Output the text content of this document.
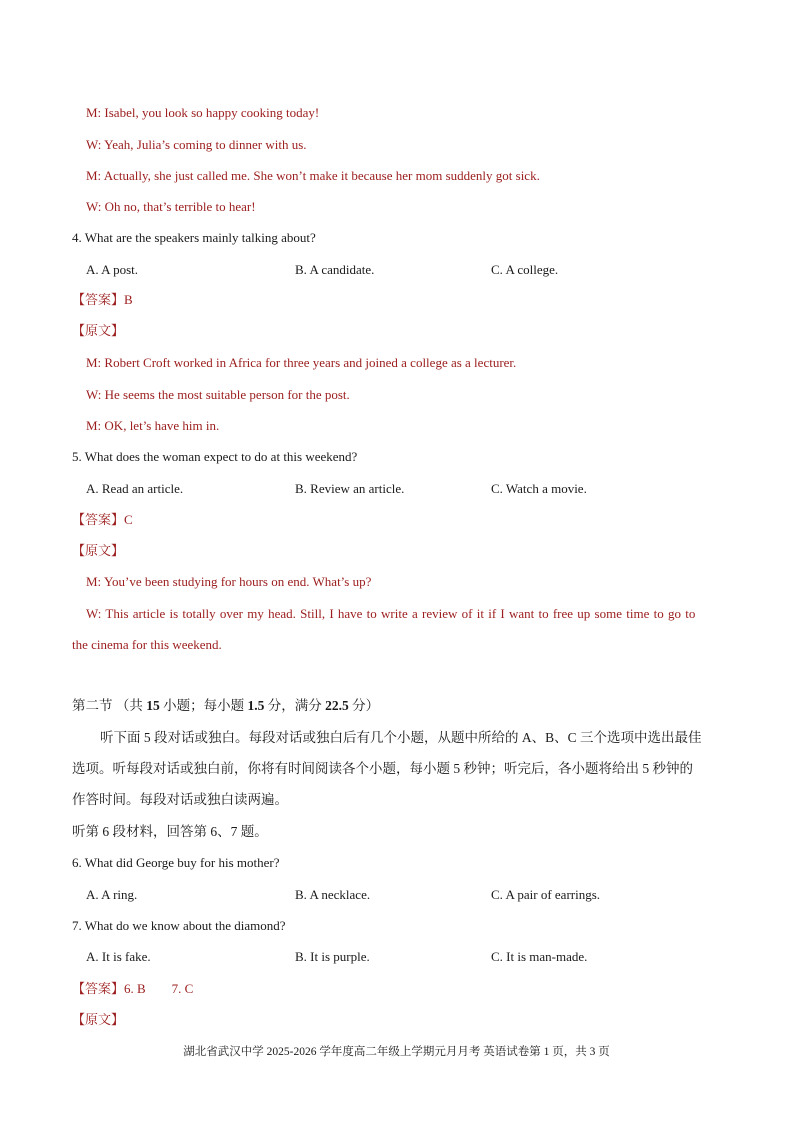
M: Isabel, you look so happy cooking today!
W: Yeah, Julia’s coming to dinner with us.
M: Actually, she just called me. She won’t make it because her mom suddenly got sick.
W: Oh no, that’s terrible to hear!
4. What are the speakers mainly talking about?
A. A post.	B. A candidate.	C. A college.
【答案】B
【原文】
M: Robert Croft worked in Africa for three years and joined a college as a lecturer.
W: He seems the most suitable person for the post.
M: OK, let’s have him in.
5. What does the woman expect to do at this weekend?
A. Read an article.	B. Review an article.	C. Watch a movie.
【答案】C
【原文】
M: You’ve been studying for hours on end. What’s up?
W: This article is totally over my head. Still, I have to write a review of it if I want to free up some time to go to
the cinema for this weekend.
第二节 （共 15 小题；每小题 1.5 分，满分 22.5 分）
听下面 5 段对话或独白。每段对话或独白后有几个小题，从题中所给的 A、B、C 三个选项中选出最佳
选项。听每段对话或独白前，你将有时间阅读各个小题，每小题 5 秒钟；听完后，各小题将给出 5 秒钟的
作答时间。每段对话或独白读两遍。
听第 6 段材料，回答第 6、7 题。
6. What did George buy for his mother?
A. A ring.	B. A necklace.	C. A pair of earrings.
7. What do we know about the diamond?
A. It is fake.	B. It is purple.	C. It is man-made.
【答案】6. B　　7. C
【原文】
湖北省武汉中学 2025-2026 学年度高二年级上学期元月月考 英语试卷第 1 页，共 3 页
